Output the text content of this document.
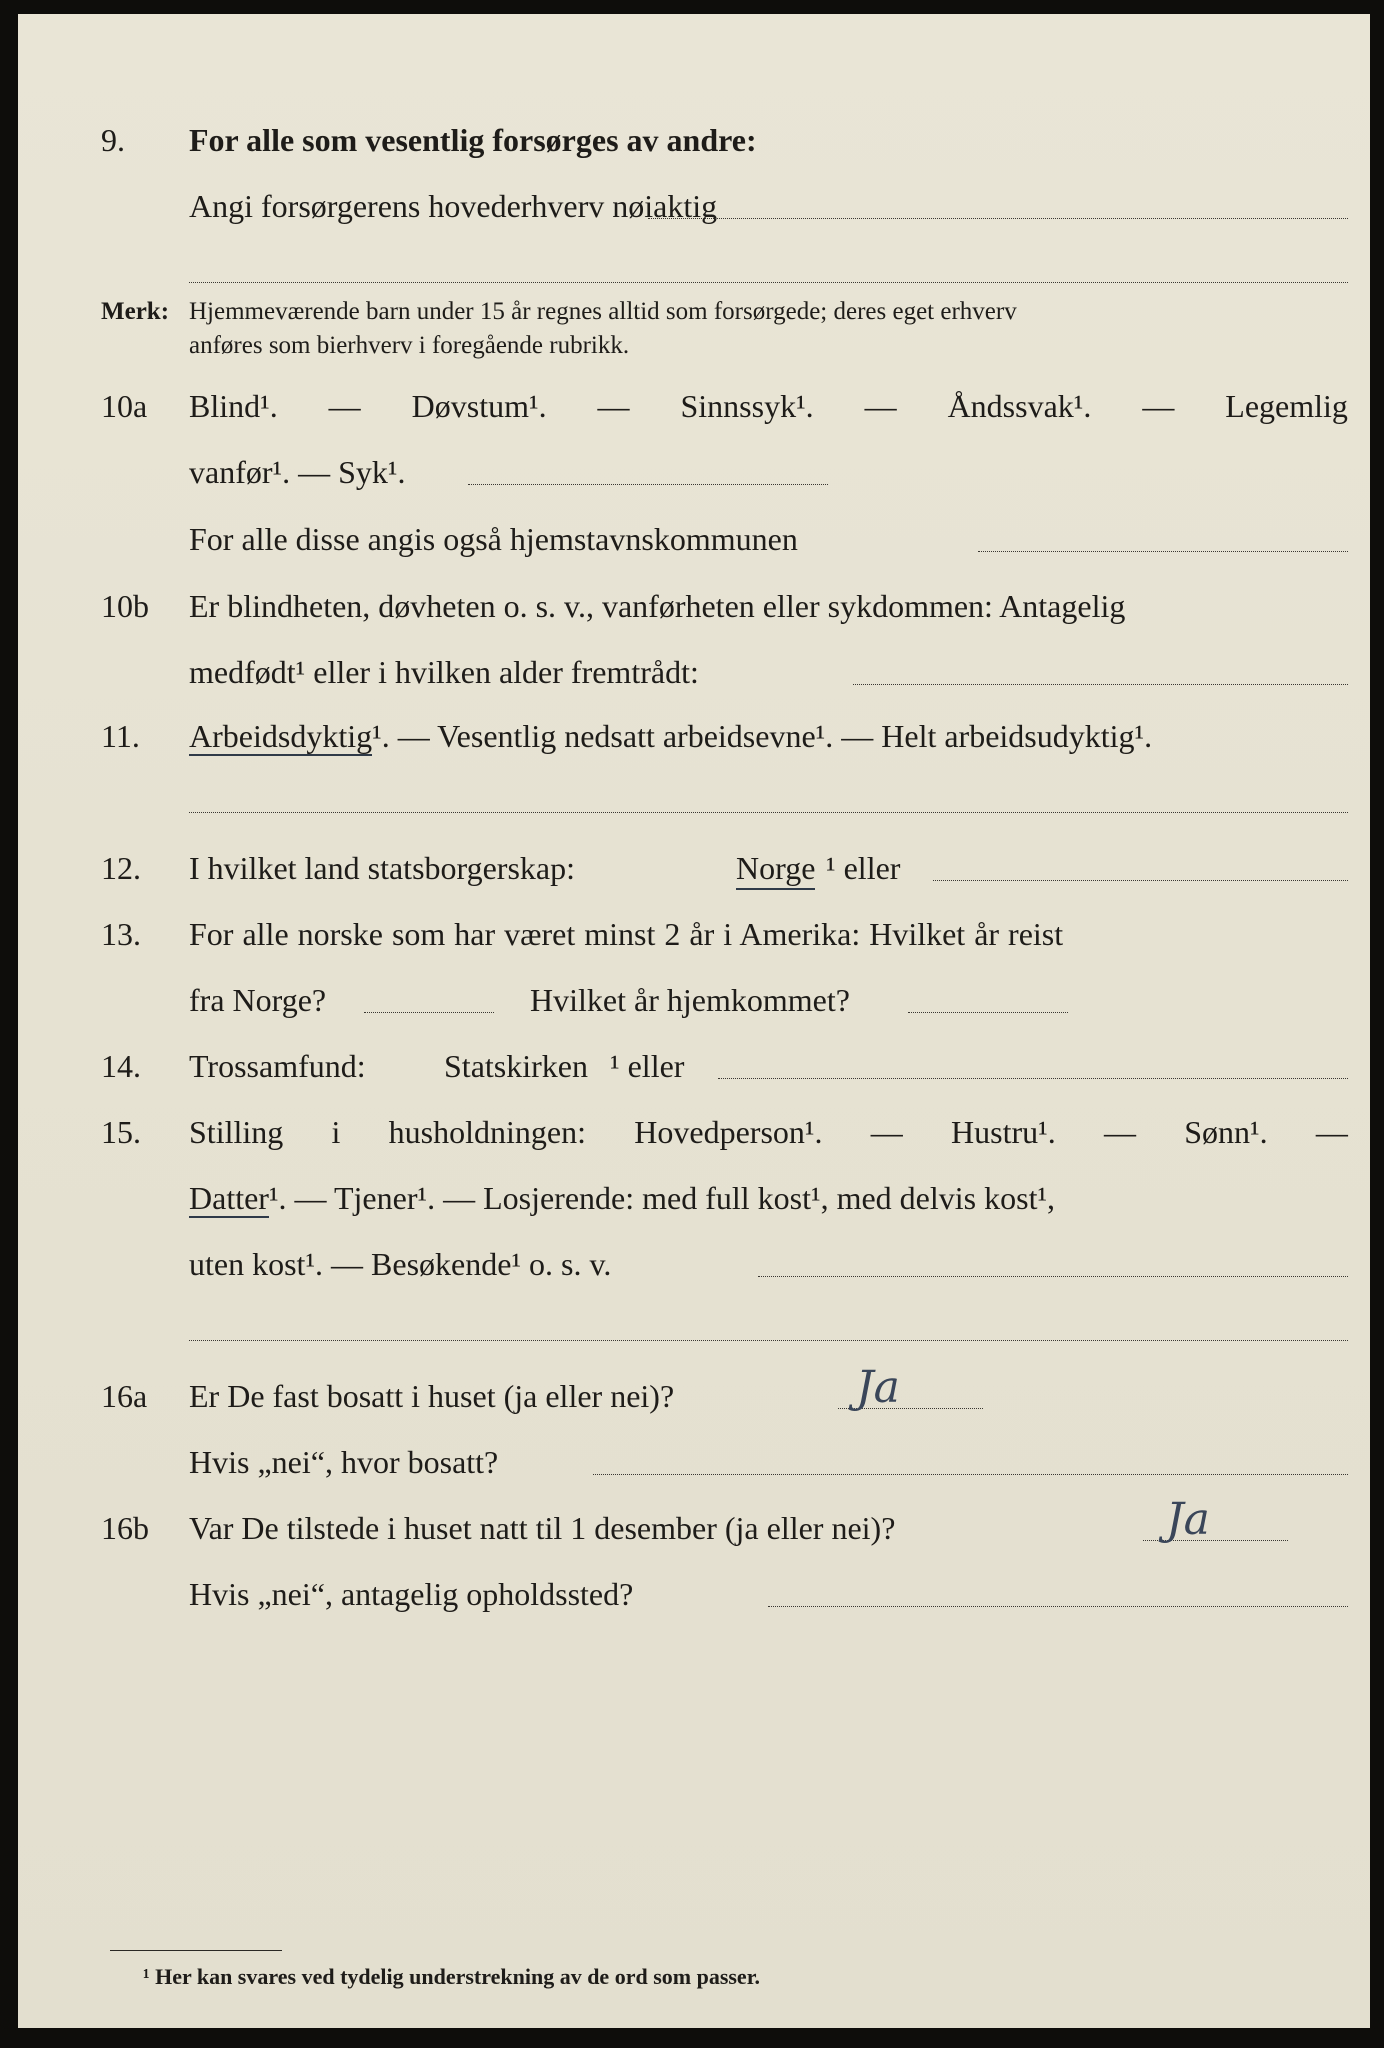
9. For alle som vesentlig forsørges av andre:
Angi forsørgerens hovederhverv nøiaktig
Merk: Hjemmeværende barn under 15 år regnes alltid som forsørgede; deres eget erhverv
anføres som bierhverv i foregående rubrikk.
10a Blind¹. — Døvstum¹. — Sinnssyk¹. — Åndssvak¹. — Legemlig
vanfør¹. — Syk¹.
For alle disse angis også hjemstavnskommunen
10b Er blindheten, døvheten o. s. v., vanførheten eller sykdommen: Antagelig
medfødt¹ eller i hvilken alder fremtrådt:
11. Arbeidsdyktig¹. — Vesentlig nedsatt arbeidsevne¹. — Helt arbeidsudyktig¹.
12. I hvilket land statsborgerskap:	Norge ¹ eller
13. For alle norske som har været minst 2 år i Amerika: Hvilket år reist
fra Norge?	Hvilket år hjemkommet?
14. Trossamfund: Statskirken ¹ eller
15. Stilling i husholdningen: Hovedperson¹. — Hustru¹. — Sønn¹. —
Datter¹. — Tjener¹. — Losjerende: med full kost¹, med delvis kost¹,
uten kost¹. — Besøkende¹ o. s. v.
16a Er De fast bosatt i huset (ja eller nei)?	Ja
Hvis „nei“, hvor bosatt?
16b Var De tilstede i huset natt til 1 desember (ja eller nei)?	Ja
Hvis „nei“, antagelig opholdssted?
¹ Her kan svares ved tydelig understrekning av de ord som passer.
